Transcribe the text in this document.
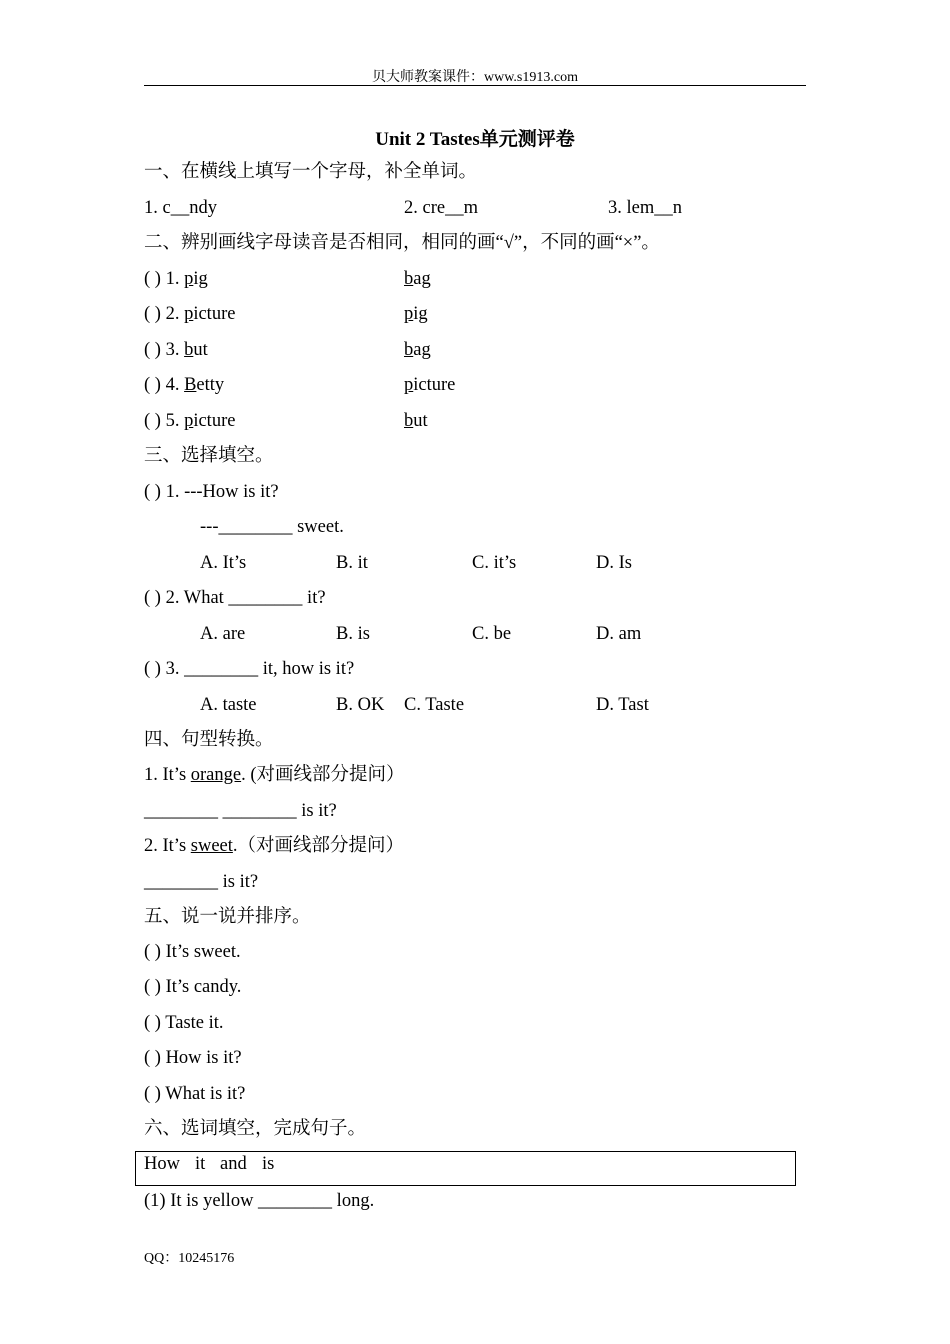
贝大师教案课件：www.s1913.com
Unit 2 Tastes单元测评卷
一、在横线上填写一个字母，补全单词。
1. c__ndy	2. cre__m	3. lem__n
二、辨别画线字母读音是否相同，相同的画“√”，不同的画“×”。
( ) 1. pig	bag
( ) 2. picture	pig
( ) 3. but	bag
( ) 4. Betty	picture
( ) 5. picture	but
三、选择填空。
( ) 1. ---How is it?
---________ sweet.
A. It’s	B. it	C. it’s	D. Is
( ) 2. What ________ it?
A. are	B. is	C. be	D. am
( ) 3. ________ it, how is it?
A. taste	B. OK C. Taste	D. Tast
四、句型转换。
1. It’s orange. (对画线部分提问）
________ ________ is it?
2. It’s sweet.（对画线部分提问）
________ is it?
五、说一说并排序。
( ) It’s sweet.
( ) It’s candy.
( ) Taste it.
( ) How is it?
( ) What is it?
六、选词填空，完成句子。
How it and is
(1) It is yellow ________ long.
QQ：10245176
